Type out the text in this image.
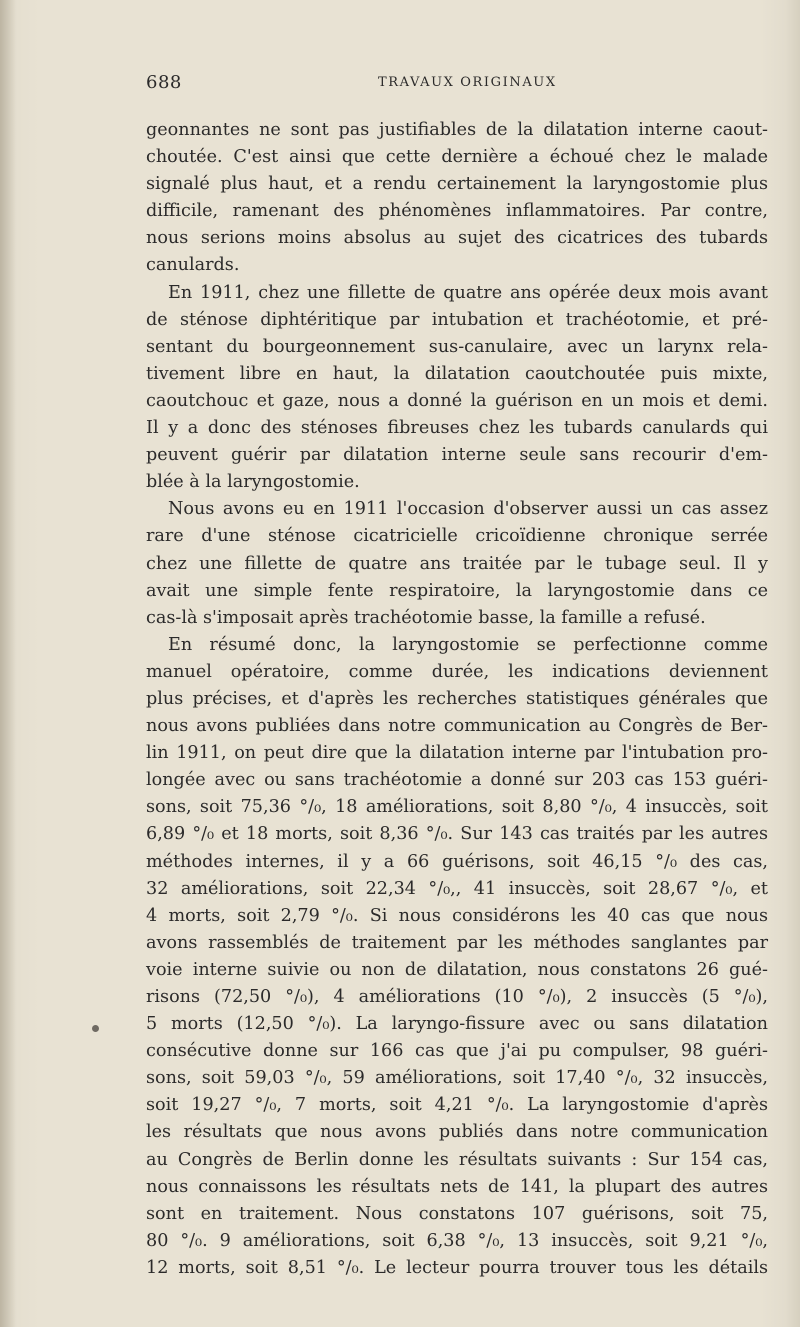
688	TRAVAUX ORIGINAUX
geonnantes ne sont pas justifiables de la dilatation interne caout-
choutée. C'est ainsi que cette dernière a échoué chez le malade
signalé plus haut, et a rendu certainement la laryngostomie plus
difficile, ramenant des phénomènes inflammatoires. Par contre,
nous serions moins absolus au sujet des cicatrices des tubards
canulards.
En 1911, chez une fillette de quatre ans opérée deux mois avant
de sténose diphtéritique par intubation et trachéotomie, et pré-
sentant du bourgeonnement sus-canulaire, avec un larynx rela-
tivement libre en haut, la dilatation caoutchoutée puis mixte,
caoutchouc et gaze, nous a donné la guérison en un mois et demi.
Il y a donc des sténoses fibreuses chez les tubards canulards qui
peuvent guérir par dilatation interne seule sans recourir d'em-
blée à la laryngostomie.
Nous avons eu en 1911 l'occasion d'observer aussi un cas assez
rare d'une sténose cicatricielle cricoïdienne chronique serrée
chez une fillette de quatre ans traitée par le tubage seul. Il y
avait une simple fente respiratoire, la laryngostomie dans ce
cas-là s'imposait après trachéotomie basse, la famille a refusé.
En résumé donc, la laryngostomie se perfectionne comme
manuel opératoire, comme durée, les indications deviennent
plus précises, et d'après les recherches statistiques générales que
nous avons publiées dans notre communication au Congrès de Ber-
lin 1911, on peut dire que la dilatation interne par l'intubation pro-
longée avec ou sans trachéotomie a donné sur 203 cas 153 guéri-
sons, soit 75,36 °/₀, 18 améliorations, soit 8,80 °/₀, 4 insuccès, soit
6,89 °/₀ et 18 morts, soit 8,36 °/₀. Sur 143 cas traités par les autres
méthodes internes, il y a 66 guérisons, soit 46,15 °/₀ des cas,
32 améliorations, soit 22,34 °/₀,, 41 insuccès, soit 28,67 °/₀, et
4 morts, soit 2,79 °/₀. Si nous considérons les 40 cas que nous
avons rassemblés de traitement par les méthodes sanglantes par
voie interne suivie ou non de dilatation, nous constatons 26 gué-
risons (72,50 °/₀), 4 améliorations (10 °/₀), 2 insuccès (5 °/₀),
5 morts (12,50 °/₀). La laryngo-fissure avec ou sans dilatation
consécutive donne sur 166 cas que j'ai pu compulser, 98 guéri-
sons, soit 59,03 °/₀, 59 améliorations, soit 17,40 °/₀, 32 insuccès,
soit 19,27 °/₀, 7 morts, soit 4,21 °/₀. La laryngostomie d'après
les résultats que nous avons publiés dans notre communication
au Congrès de Berlin donne les résultats suivants : Sur 154 cas,
nous connaissons les résultats nets de 141, la plupart des autres
sont en traitement. Nous constatons 107 guérisons, soit 75,
80 °/₀. 9 améliorations, soit 6,38 °/₀, 13 insuccès, soit 9,21 °/₀,
12 morts, soit 8,51 °/₀. Le lecteur pourra trouver tous les détails
